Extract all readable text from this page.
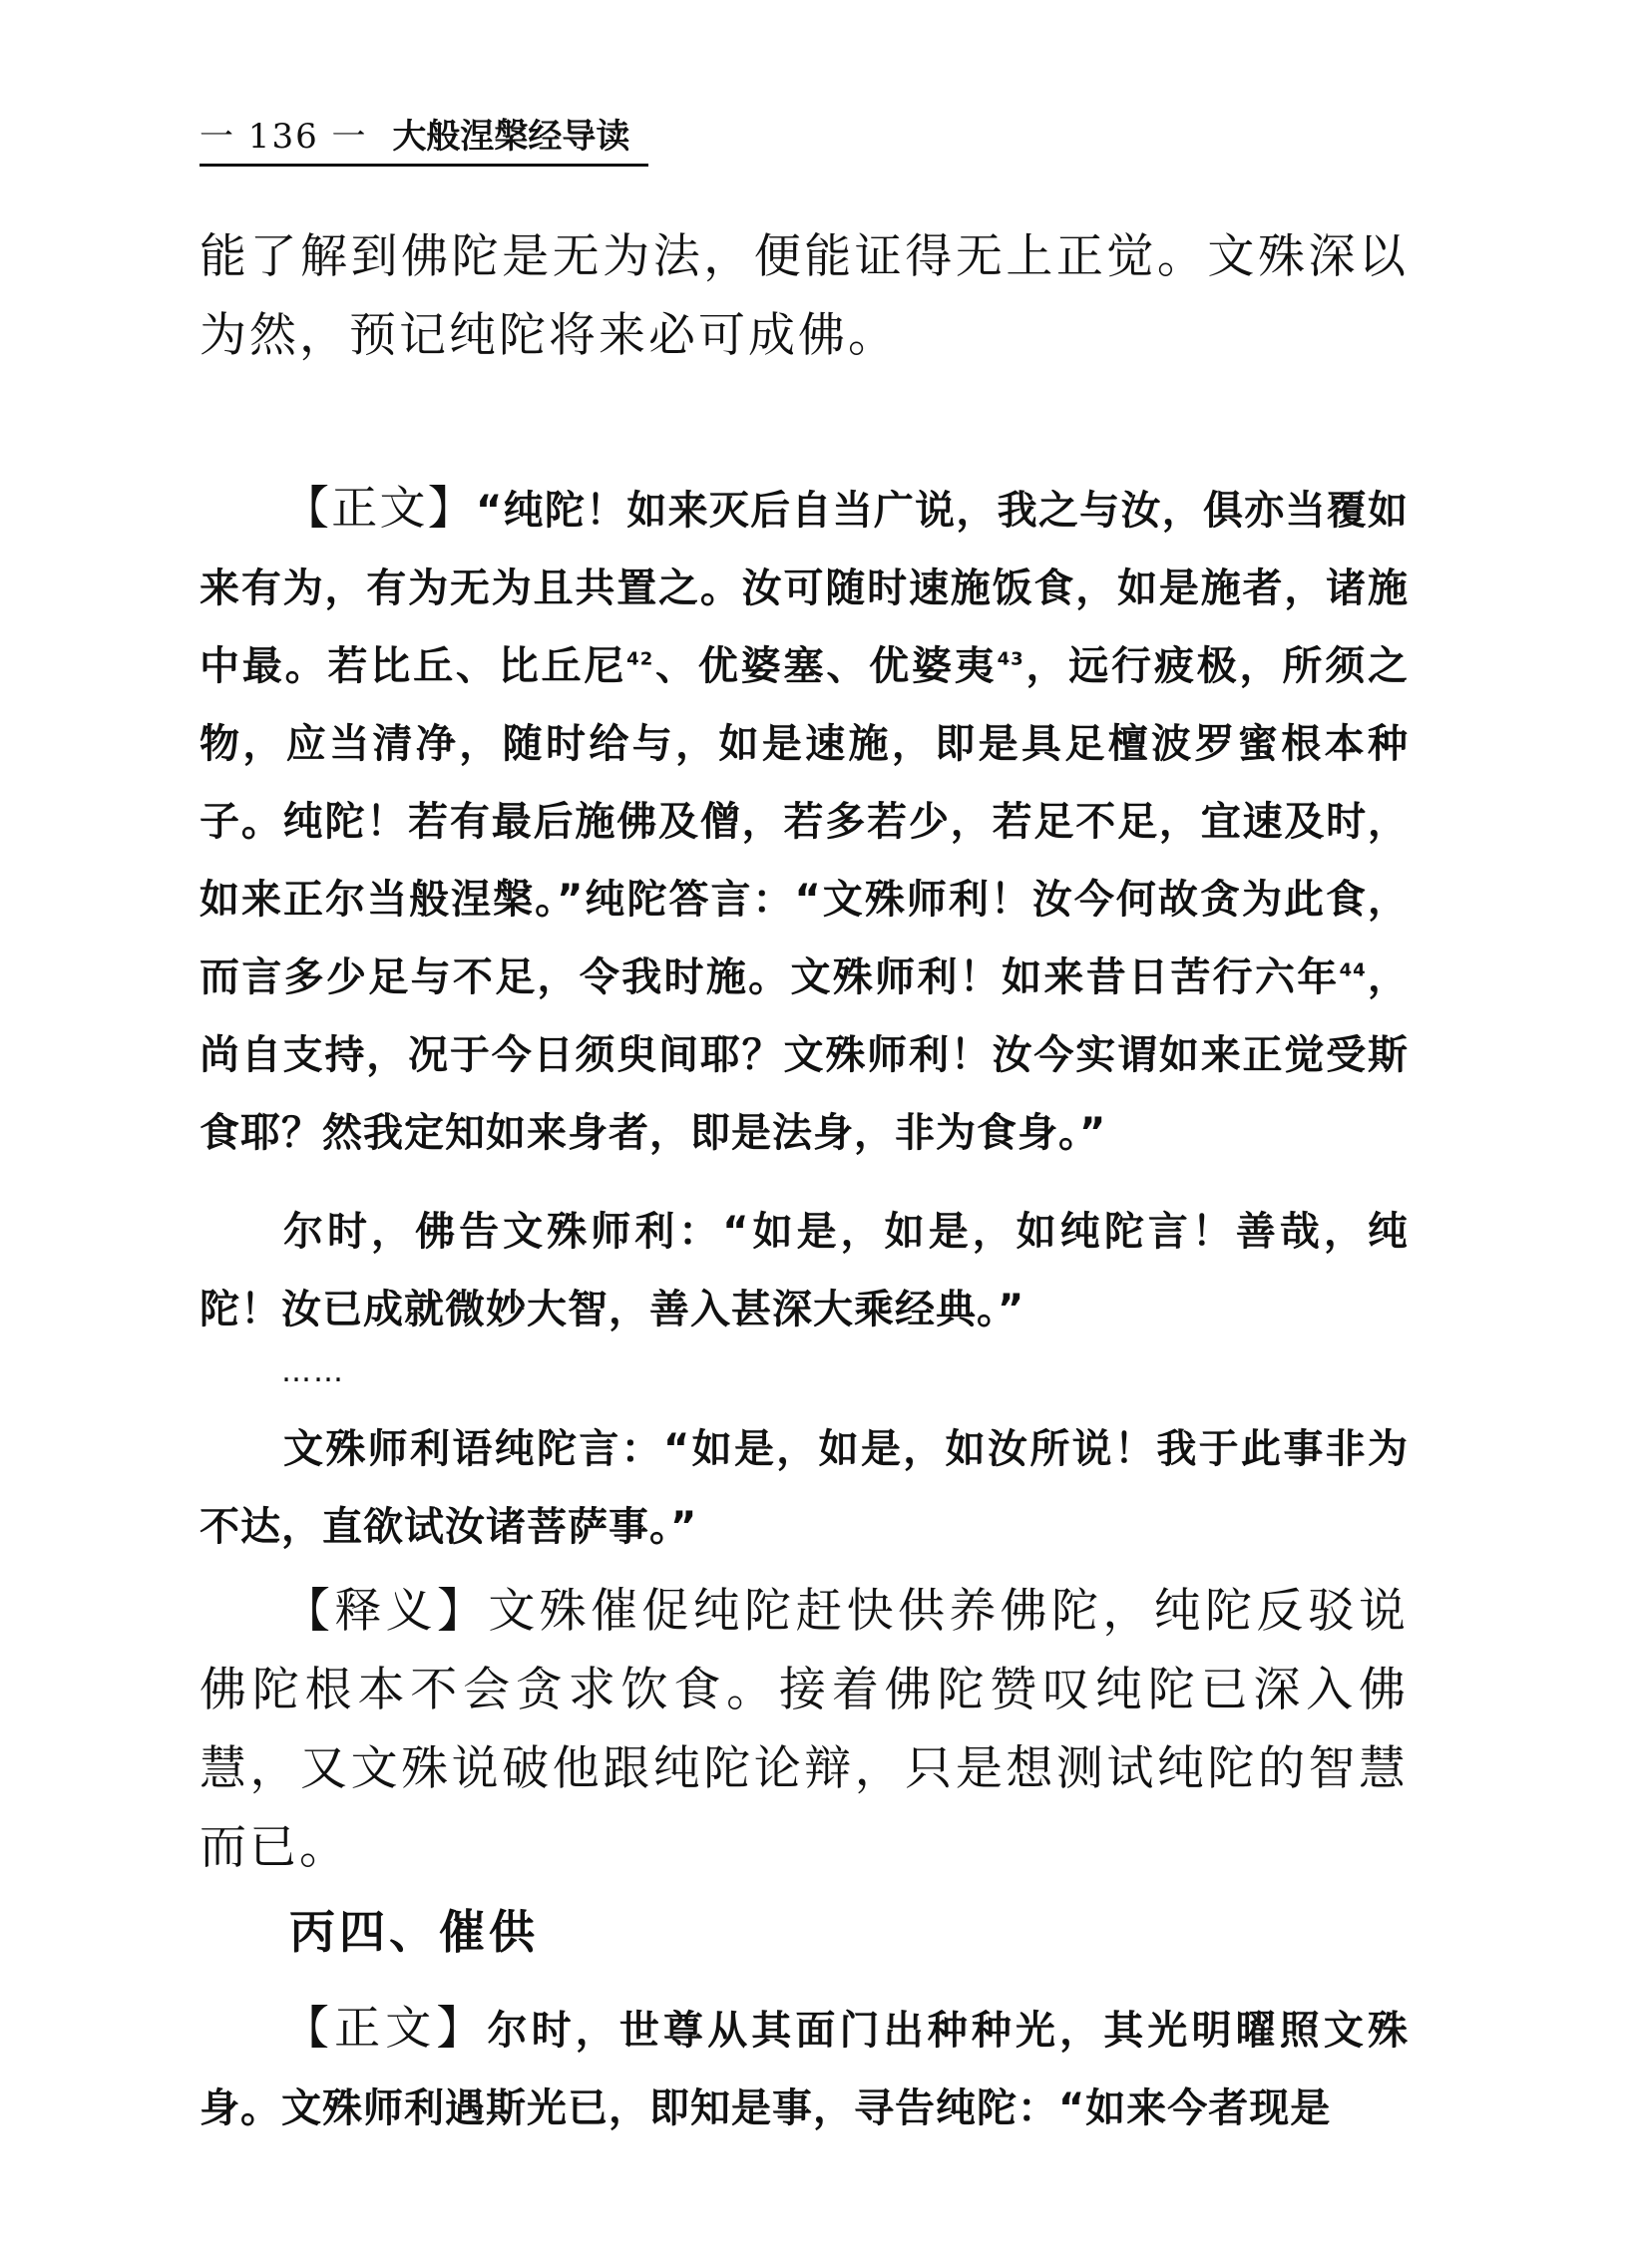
一 136 一 大般涅槃经导读

能了解到佛陀是无为法，便能证得无上正觉。文殊深以为然，预记纯陀将来必可成佛。

【正文】“纯陀！如来灭后自当广说，我之与汝，俱亦当覆如来有为，有为无为且共置之。汝可随时速施饭食，如是施者，诸施中最。若比丘、比丘尼$^{42}$、优婆塞、优婆夷$^{43}$，远行疲极，所须之物，应当清净，随时给与，如是速施，即是具足檀波罗蜜根本种子。纯陀！若有最后施佛及僧，若多若少，若足不足，宜速及时，如来正尔当般涅槃。”纯陀答言：“文殊师利！汝今何故贪为此食，而言多少足与不足，令我时施。文殊师利！如来昔日苦行六年$^{44}$，尚自支持，况于今日须臾间耶？文殊师利！汝今实谓如来正觉受斯食耶？然我定知如来身者，即是法身，非为食身。”

尔时，佛告文殊师利：“如是，如是，如纯陀言！善哉，纯陀！汝已成就微妙大智，善入甚深大乘经典。”

……

文殊师利语纯陀言：“如是，如是，如汝所说！我于此事非为不达，直欲试汝诸菩萨事。”

【释义】文殊催促纯陀赶快供养佛陀，纯陀反驳说佛陀根本不会贪求饮食。接着佛陀赞叹纯陀已深入佛慧，又文殊说破他跟纯陀论辩，只是想测试纯陀的智慧而已。

丙四、催供

【正文】尔时，世尊从其面门出种种光，其光明曜照文殊身。文殊师利遇斯光已，即知是事，寻告纯陀：“如来今者现是
